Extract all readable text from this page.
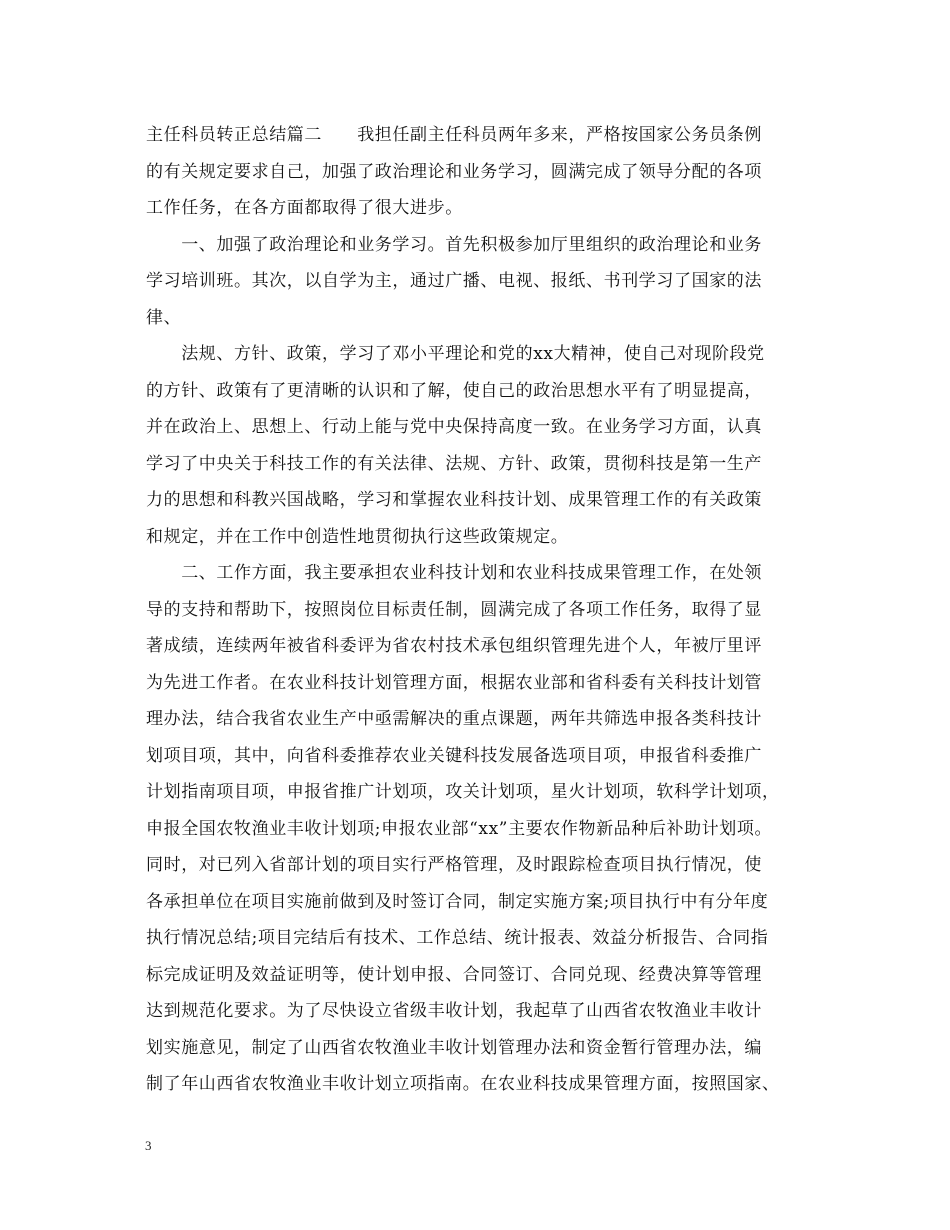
主任科员转正总结篇二　　我担任副主任科员两年多来，严格按国家公务员条例
的有关规定要求自己，加强了政治理论和业务学习，圆满完成了领导分配的各项
工作任务，在各方面都取得了很大进步。
　　一、加强了政治理论和业务学习。首先积极参加厅里组织的政治理论和业务
学习培训班。其次，以自学为主，通过广播、电视、报纸、书刊学习了国家的法
律、
　　法规、方针、政策，学习了邓小平理论和党的xx大精神，使自己对现阶段党
的方针、政策有了更清晰的认识和了解，使自己的政治思想水平有了明显提高，
并在政治上、思想上、行动上能与党中央保持高度一致。在业务学习方面，认真
学习了中央关于科技工作的有关法律、法规、方针、政策，贯彻科技是第一生产
力的思想和科教兴国战略，学习和掌握农业科技计划、成果管理工作的有关政策
和规定，并在工作中创造性地贯彻执行这些政策规定。
　　二、工作方面，我主要承担农业科技计划和农业科技成果管理工作，在处领
导的支持和帮助下，按照岗位目标责任制，圆满完成了各项工作任务，取得了显
著成绩，连续两年被省科委评为省农村技术承包组织管理先进个人，年被厅里评
为先进工作者。在农业科技计划管理方面，根据农业部和省科委有关科技计划管
理办法，结合我省农业生产中亟需解决的重点课题，两年共筛选申报各类科技计
划项目项，其中，向省科委推荐农业关键科技发展备选项目项，申报省科委推广
计划指南项目项，申报省推广计划项，攻关计划项，星火计划项，软科学计划项，
申报全国农牧渔业丰收计划项;申报农业部“xx”主要农作物新品种后补助计划项。
同时，对已列入省部计划的项目实行严格管理，及时跟踪检查项目执行情况，使
各承担单位在项目实施前做到及时签订合同，制定实施方案;项目执行中有分年度
执行情况总结;项目完结后有技术、工作总结、统计报表、效益分析报告、合同指
标完成证明及效益证明等，使计划申报、合同签订、合同兑现、经费决算等管理
达到规范化要求。为了尽快设立省级丰收计划，我起草了山西省农牧渔业丰收计
划实施意见，制定了山西省农牧渔业丰收计划管理办法和资金暂行管理办法，编
制了年山西省农牧渔业丰收计划立项指南。在农业科技成果管理方面，按照国家、
3
